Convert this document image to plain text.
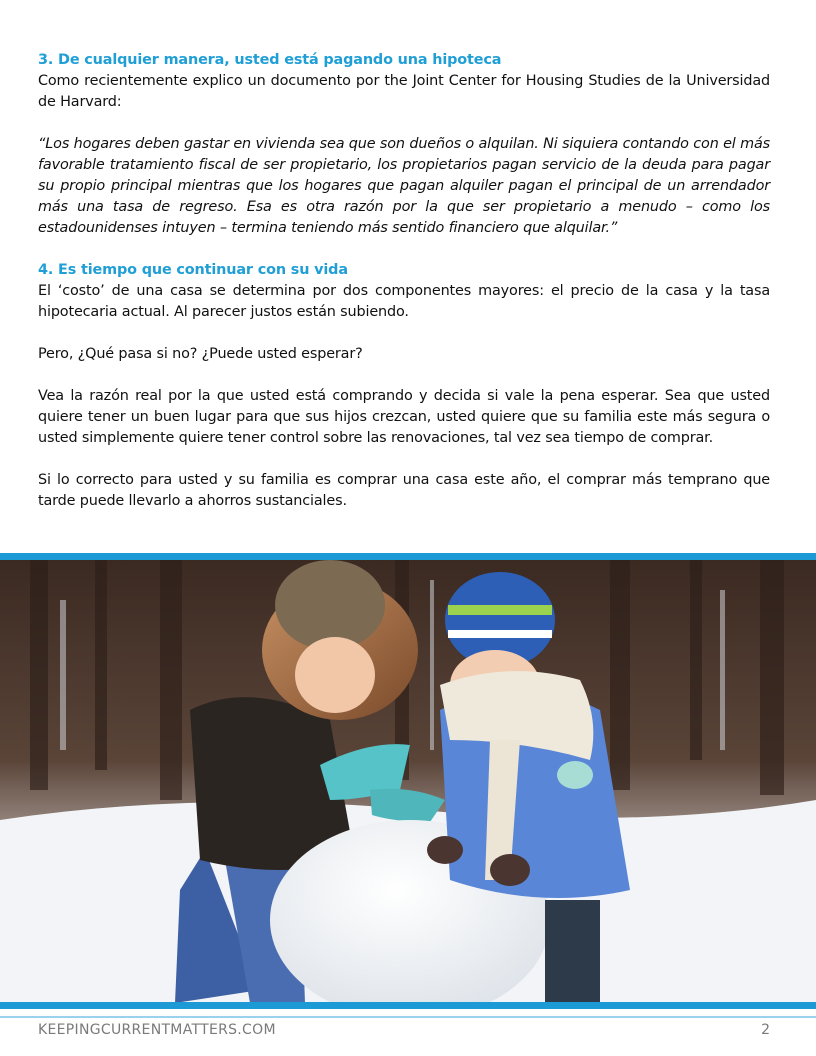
3. De cualquier manera, usted está pagando una hipoteca

Como recientemente explico un documento por the Joint Center for Housing Studies de la Universidad de Harvard:

“Los hogares deben gastar en vivienda sea que son dueños o alquilan. Ni siquiera contando con el más favorable tratamiento fiscal de ser propietario, los propietarios pagan servicio de la deuda para pagar su propio principal mientras que los hogares que pagan alquiler pagan el principal de un arrendador más una tasa de regreso. Esa es otra razón por la que ser propietario a menudo – como los estadounidenses intuyen – termina teniendo más sentido financiero que alquilar.”

4. Es tiempo que continuar con su vida

El ‘costo’ de una casa se determina por dos componentes mayores: el precio de la casa y la tasa hipotecaria actual. Al parecer justos están subiendo.

Pero, ¿Qué pasa si no? ¿Puede usted esperar?

Vea la razón real por la que usted está comprando y decida si vale la pena esperar. Sea que usted quiere tener un buen lugar para que sus hijos crezcan, usted quiere que su familia este más segura o usted simplemente quiere tener control sobre las renovaciones, tal vez sea tiempo de comprar.

Si lo correcto para usted y su familia es comprar una casa este año, el comprar más temprano que tarde puede llevarlo a ahorros sustanciales.

KEEPINGCURRENTMATTERS.COM	2
